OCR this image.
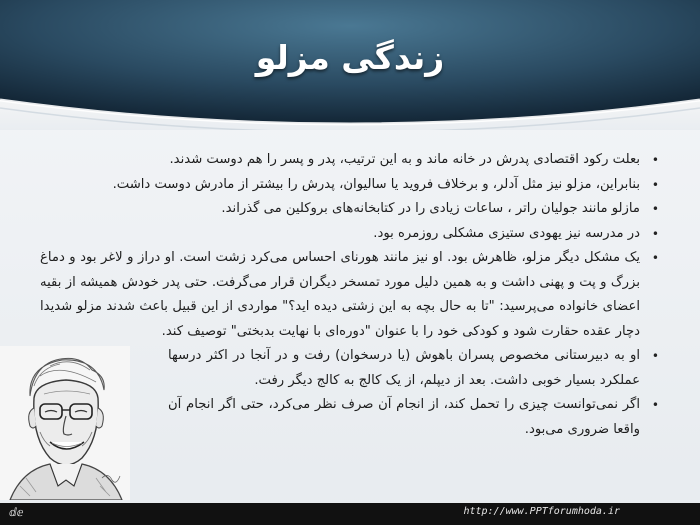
زندگی مزلو
•
بعلت رکود اقتصادی پدرش در خانه ماند و به این ترتیب، پدر و پسر را هم دوست شدند.
•
بنابراین، مزلو نیز مثل آدلر، و برخلاف فروید یا سالیوان، پدرش را بیشتر از مادرش دوست داشت.
•
مازلو مانند جولیان راتر ، ساعات زیادی را در کتابخانه‌های بروکلین می گذراند.
•
در مدرسه نیز یهودی ستیزی مشکلی روزمره بود.
•
یک مشکل دیگر مزلو، ظاهرش بود. او نیز مانند هورنای احساس می‌کرد زشت است. او دراز و لاغر بود و دماغ بزرگ و پت و پهنی داشت و به همین دلیل مورد تمسخر دیگران قرار می‌گرفت. حتی پدر خودش همیشه از بقیه اعضای خانواده می‌پرسید: "تا به حال بچه به این زشتی دیده اید؟" مواردی از این قبیل باعث شدند مزلو شدیدا دچار عقده حقارت شود و کودکی خود را با عنوان "دوره‌ای با نهایت بدبختی" توصیف کند.
•
او به دبیرستانی مخصوص پسران باهوش (یا درسخوان) رفت و در آنجا در اکثر درسها عملکرد بسیار خوبی داشت. بعد از دیپلم، از یک کالج به کالج دیگر رفت.
•
اگر نمی‌توانست چیزی را تحمل کند، از انجام آن صرف نظر می‌کرد، حتی اگر انجام آن واقعا ضروری می‌بود.
ⅆⅇ	http://www.PPTforumhoda.ir
